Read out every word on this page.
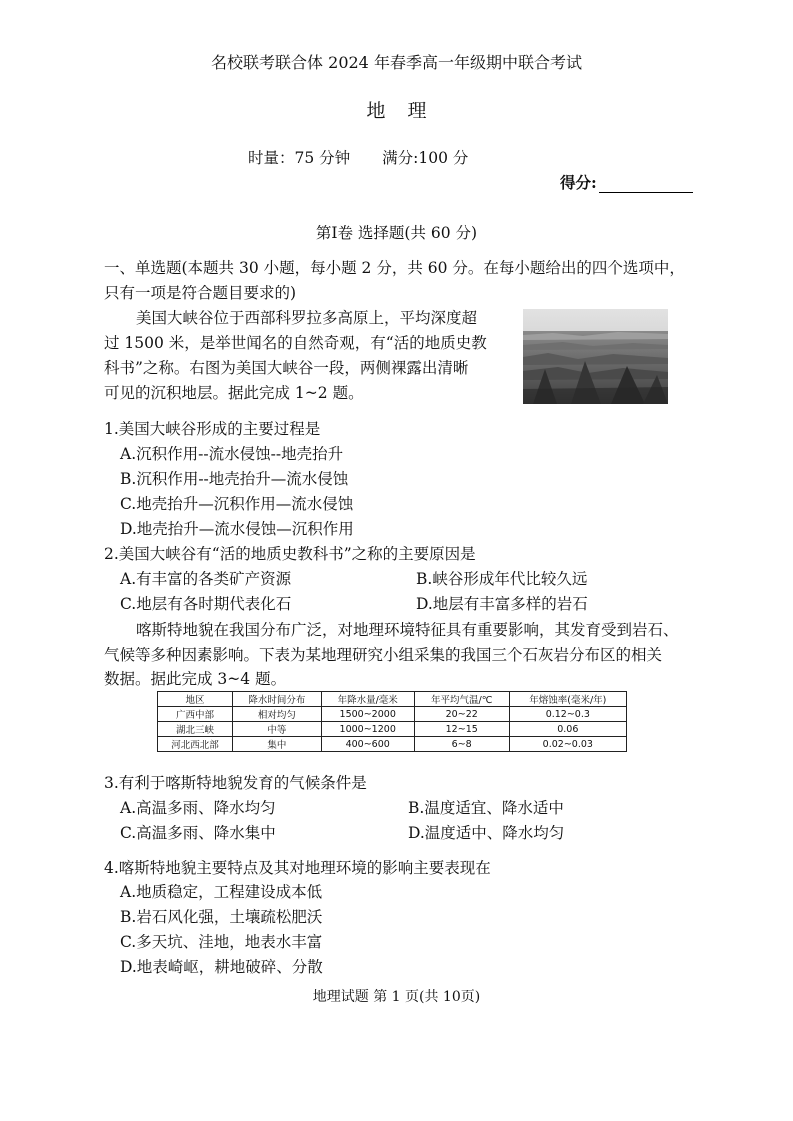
名校联考联合体 2024 年春季高一年级期中联合考试
地理
时量：75 分钟 满分:100 分
得分:
第Ⅰ卷 选择题(共 60 分)
一、单选题(本题共 30 小题，每小题 2 分，共 60 分。在每小题给出的四个选项中，
只有一项是符合题目要求的)
美国大峡谷位于西部科罗拉多高原上，平均深度超
过 1500 米，是举世闻名的自然奇观，有“活的地质史教
科书”之称。右图为美国大峡谷一段，两侧裸露出清晰
可见的沉积地层。据此完成 1~2 题。
1.美国大峡谷形成的主要过程是
A.沉积作用--流水侵蚀--地壳抬升
B.沉积作用--地壳抬升—流水侵蚀
C.地壳抬升—沉积作用—流水侵蚀
D.地壳抬升—流水侵蚀—沉积作用
2.美国大峡谷有“活的地质史教科书”之称的主要原因是
A.有丰富的各类矿产资源	B.峡谷形成年代比较久远
C.地层有各时期代表化石	D.地层有丰富多样的岩石
喀斯特地貌在我国分布广泛，对地理环境特征具有重要影响，其发育受到岩石、
气候等多种因素影响。下表为某地理研究小组采集的我国三个石灰岩分布区的相关
数据。据此完成 3~4 题。
地区	降水时间分布	年降水量/毫米	年平均气温/℃	年熔蚀率(毫米/年)
广西中部	相对均匀	1500~2000	20~22	0.12~0.3
湖北三峡	中等	1000~1200	12~15	0.06
河北西北部	集中	400~600	6~8	0.02~0.03
3.有利于喀斯特地貌发育的气候条件是
A.高温多雨、降水均匀	B.温度适宜、降水适中
C.高温多雨、降水集中	D.温度适中、降水均匀
4.喀斯特地貌主要特点及其对地理环境的影响主要表现在
A.地质稳定，工程建设成本低
B.岩石风化强，土壤疏松肥沃
C.多天坑、洼地，地表水丰富
D.地表崎岖，耕地破碎、分散
地理试题 第 1 页(共 10页)
